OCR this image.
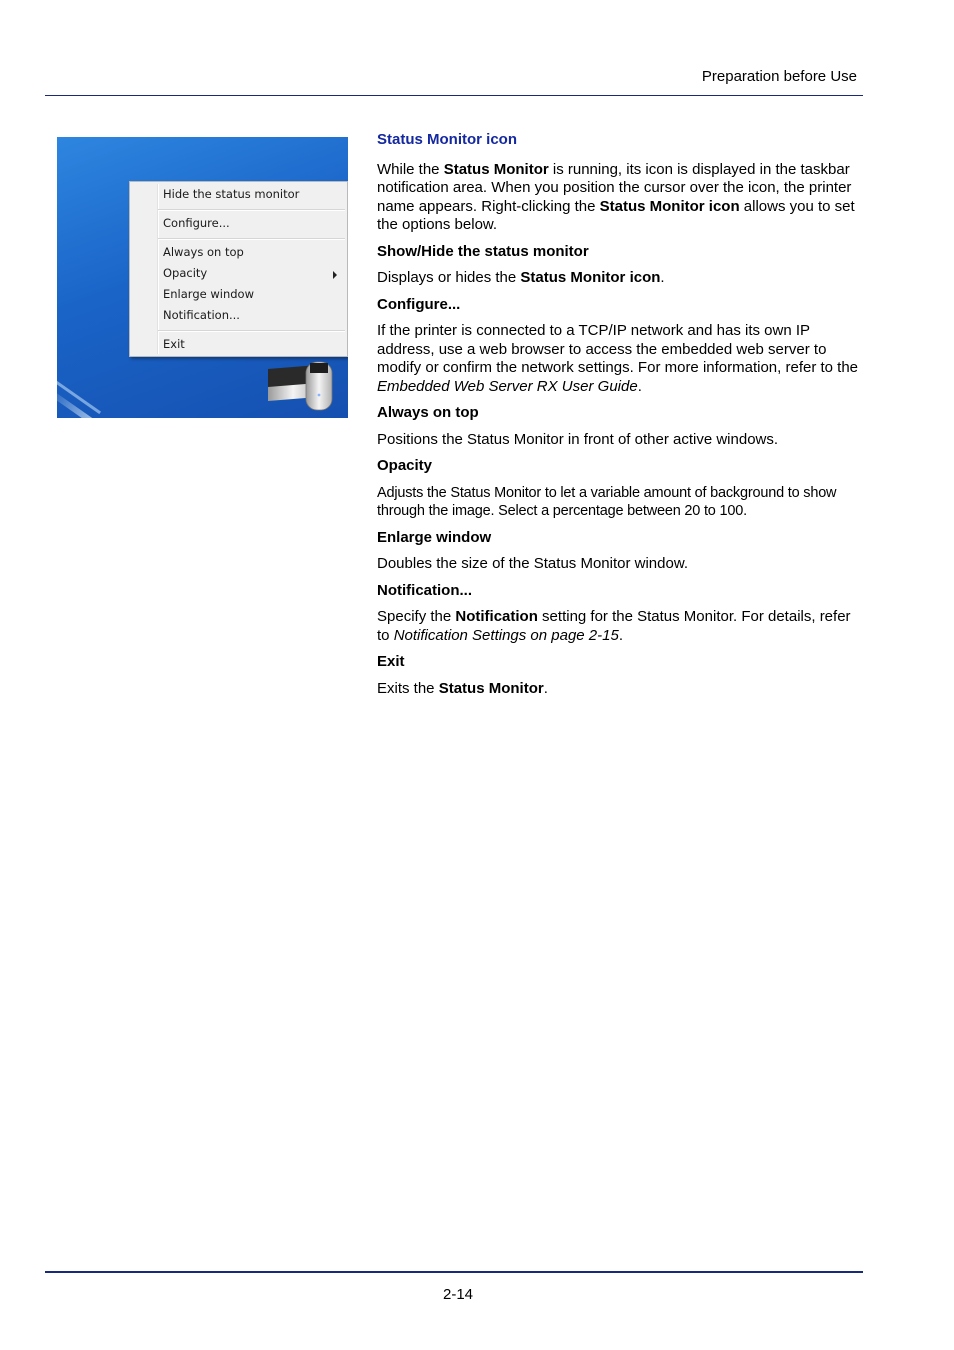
Preparation before Use
Hide the status monitor
Configure...
Always on top
Opacity
Enlarge window
Notification...
Exit

Status Monitor icon

While the Status Monitor is running, its icon is displayed in the taskbar notification area. When you position the cursor over the icon, the printer name appears. Right-clicking the Status Monitor icon allows you to set the options below.

Show/Hide the status monitor

Displays or hides the Status Monitor icon.

Configure...

If the printer is connected to a TCP/IP network and has its own IP address, use a web browser to access the embedded web server to modify or confirm the network settings. For more information, refer to the Embedded Web Server RX User Guide.

Always on top

Positions the Status Monitor in front of other active windows.

Opacity

Adjusts the Status Monitor to let a variable amount of background to show through the image. Select a percentage between 20 to 100.

Enlarge window

Doubles the size of the Status Monitor window.

Notification...

Specify the Notification setting for the Status Monitor. For details, refer to Notification Settings on page 2-15.

Exit

Exits the Status Monitor.

2-14
